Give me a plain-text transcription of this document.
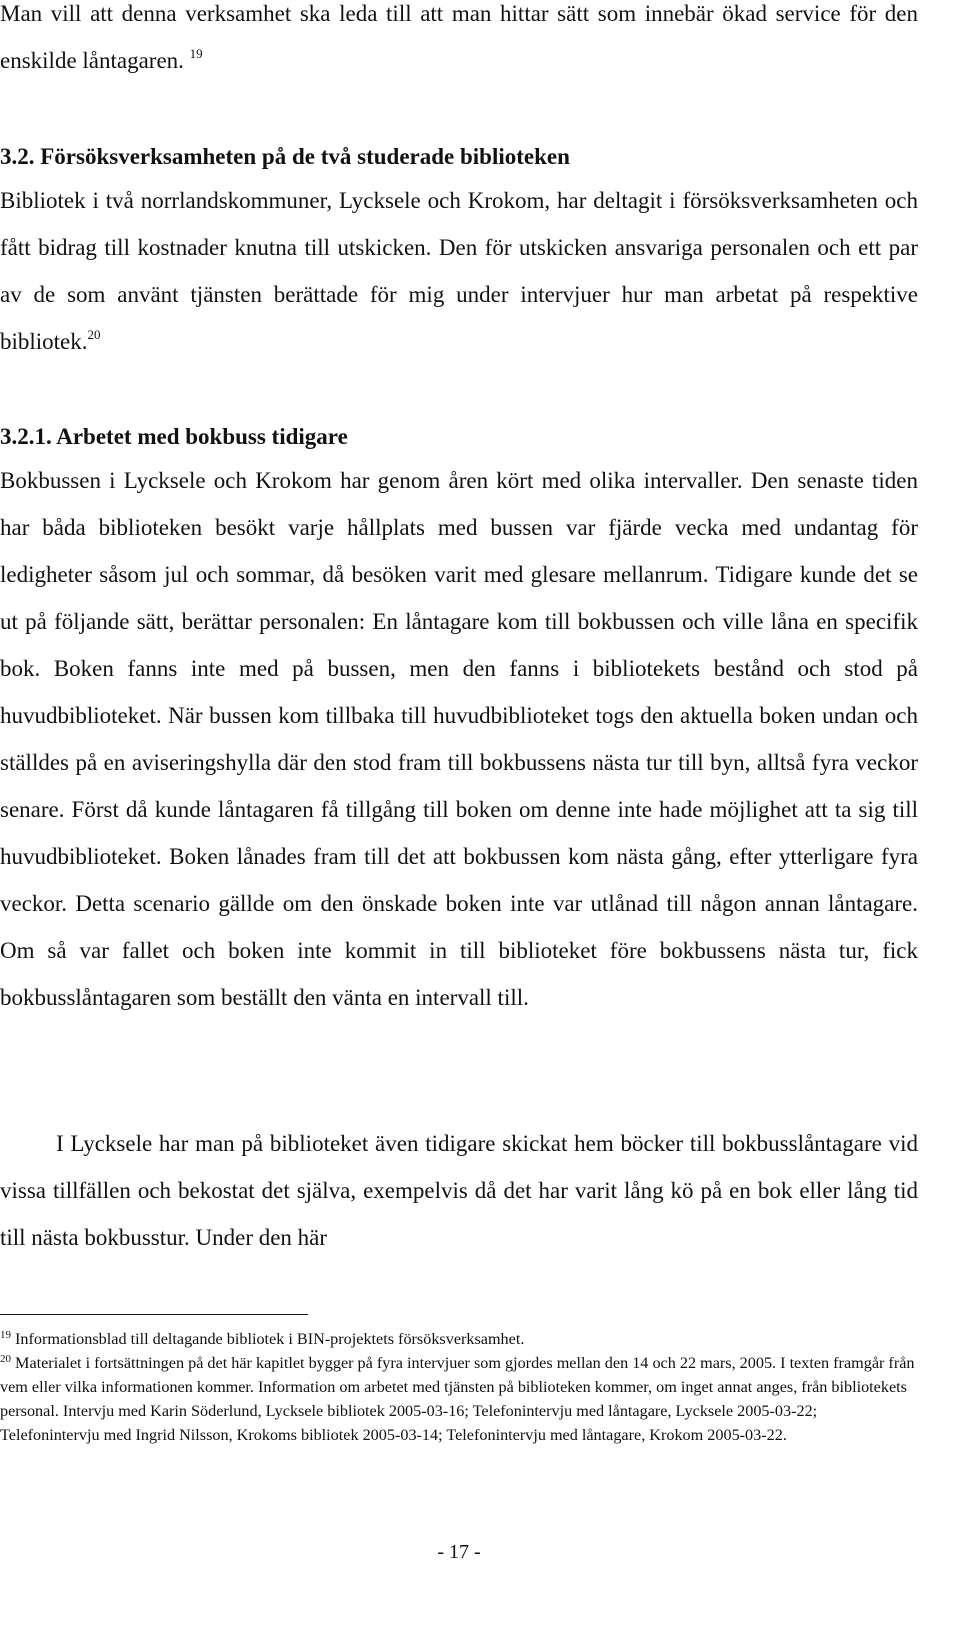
Man vill att denna verksamhet ska leda till att man hittar sätt som innebär ökad service för den enskilde låntagaren. $^{19}$

3.2. Försöksverksamheten på de två studerade biblioteken

Bibliotek i två norrlandskommuner, Lycksele och Krokom, har deltagit i försöksverksamheten och fått bidrag till kostnader knutna till utskicken. Den för utskicken ansvariga personalen och ett par av de som använt tjänsten berättade för mig under intervjuer hur man arbetat på respektive bibliotek.$^{20}$

3.2.1. Arbetet med bokbuss tidigare

Bokbussen i Lycksele och Krokom har genom åren kört med olika intervaller. Den senaste tiden har båda biblioteken besökt varje hållplats med bussen var fjärde vecka med undantag för ledigheter såsom jul och sommar, då besöken varit med glesare mellanrum. Tidigare kunde det se ut på följande sätt, berättar personalen: En låntagare kom till bokbussen och ville låna en specifik bok. Boken fanns inte med på bussen, men den fanns i bibliotekets bestånd och stod på huvudbiblioteket. När bussen kom tillbaka till huvudbiblioteket togs den aktuella boken undan och ställdes på en aviseringshylla där den stod fram till bokbussens nästa tur till byn, alltså fyra veckor senare. Först då kunde låntagaren få tillgång till boken om denne inte hade möjlighet att ta sig till huvudbiblioteket. Boken lånades fram till det att bokbussen kom nästa gång, efter ytterligare fyra veckor. Detta scenario gällde om den önskade boken inte var utlånad till någon annan låntagare. Om så var fallet och boken inte kommit in till biblioteket före bokbussens nästa tur, fick bokbusslåntagaren som beställt den vänta en intervall till.

I Lycksele har man på biblioteket även tidigare skickat hem böcker till bokbusslåntagare vid vissa tillfällen och bekostat det själva, exempelvis då det har varit lång kö på en bok eller lång tid till nästa bokbusstur. Under den här

$^{19}$ Informationsblad till deltagande bibliotek i BIN-projektets försöksverksamhet.

$^{20}$ Materialet i fortsättningen på det här kapitlet bygger på fyra intervjuer som gjordes mellan den 14 och 22 mars, 2005. I texten framgår från vem eller vilka informationen kommer. Information om arbetet med tjänsten på biblioteken kommer, om inget annat anges, från bibliotekets personal. Intervju med Karin Söderlund, Lycksele bibliotek 2005-03-16; Telefonintervju med låntagare, Lycksele 2005-03-22; Telefonintervju med Ingrid Nilsson, Krokoms bibliotek 2005-03-14; Telefonintervju med låntagare, Krokom 2005-03-22.

- 17 -
